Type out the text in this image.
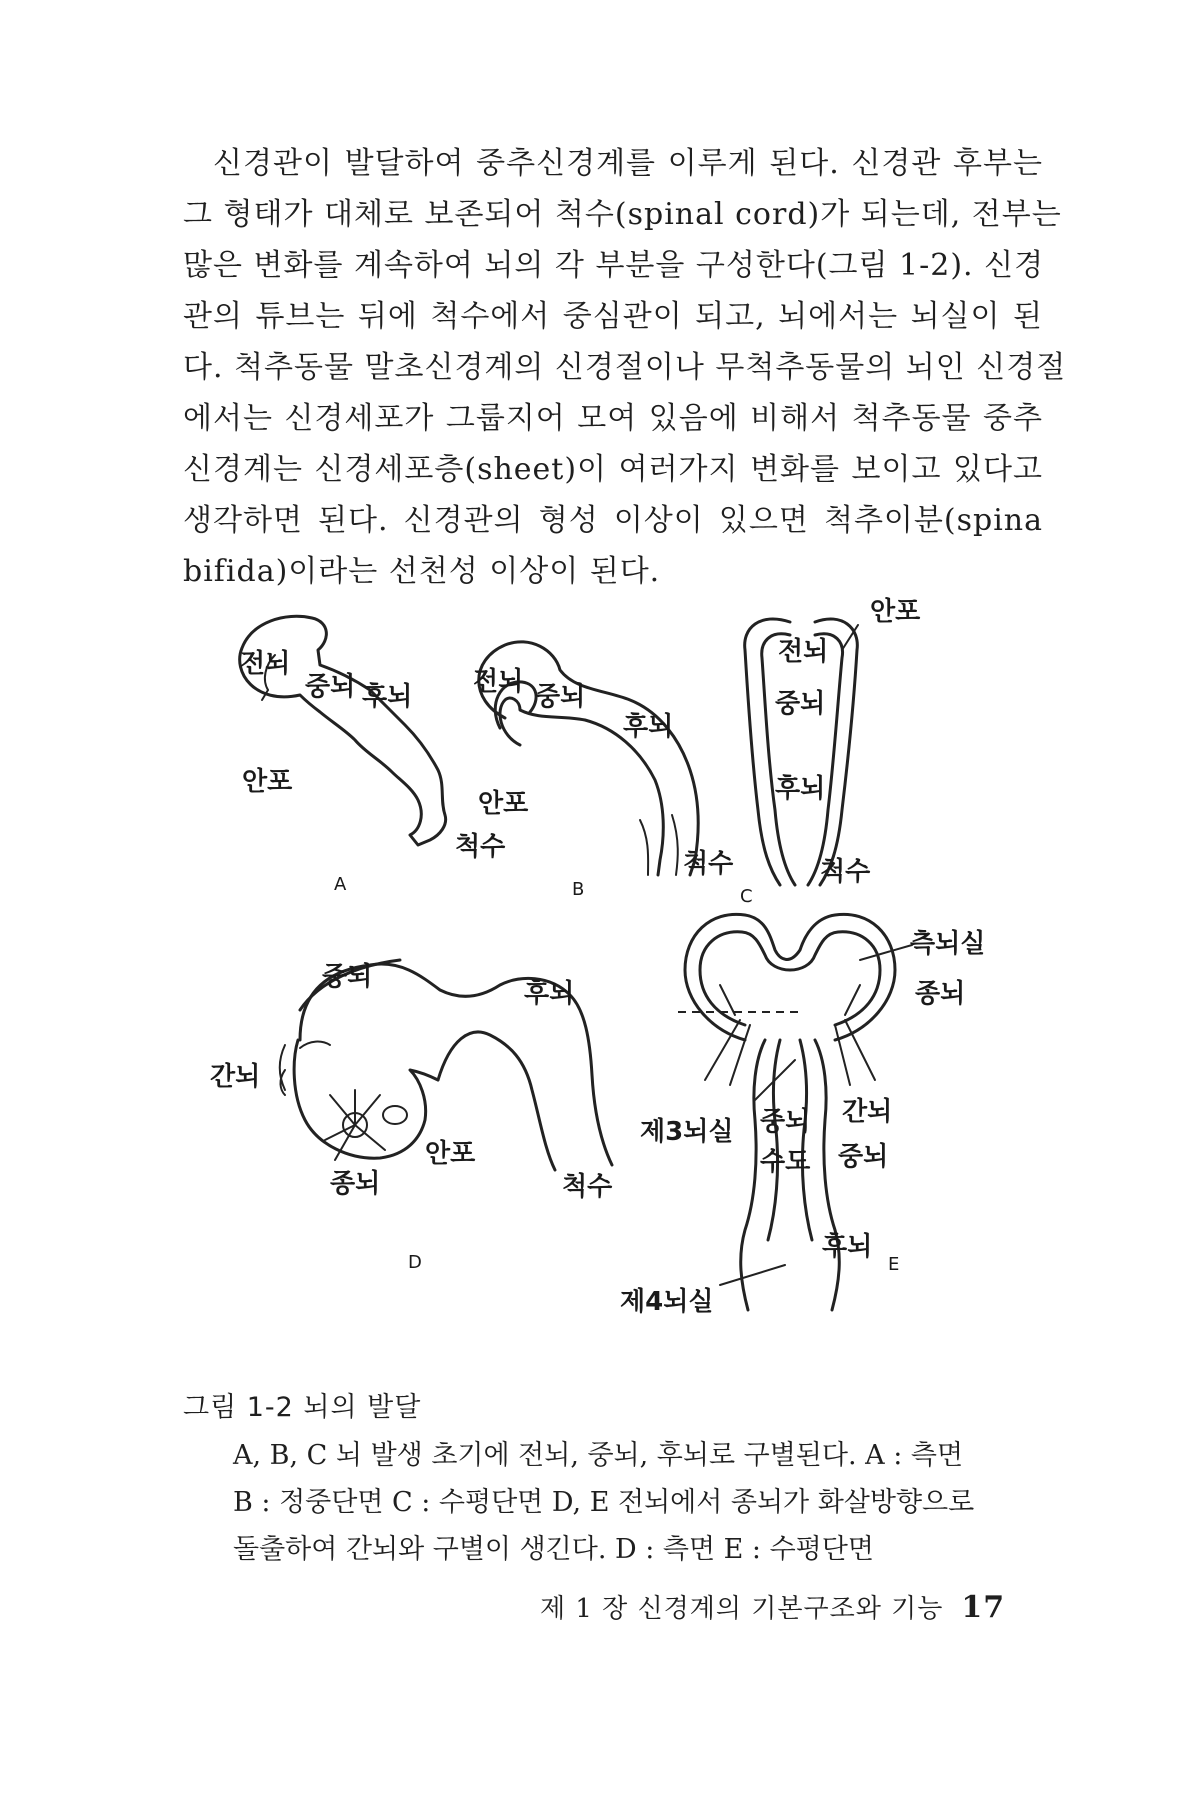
신경관이 발달하여 중추신경계를 이루게 된다. 신경관 후부는
그 형태가 대체로 보존되어 척수(spinal cord)가 되는데, 전부는
많은 변화를 계속하여 뇌의 각 부분을 구성한다(그림 1-2). 신경
관의 튜브는 뒤에 척수에서 중심관이 되고, 뇌에서는 뇌실이 된
다. 척추동물 말초신경계의 신경절이나 무척추동물의 뇌인 신경절
에서는 신경세포가 그룹지어 모여 있음에 비해서 척추동물 중추
신경계는 신경세포층(sheet)이 여러가지 변화를 보이고 있다고
생각하면 된다. 신경관의 형성 이상이 있으면 척추이분(spina
bifida)이라는 선천성 이상이 된다.
전뇌
중뇌 후뇌
안포
척수
A
전뇌 중뇌
후뇌
안포
척수
B
안포
전뇌
중뇌
후뇌
척수
C
중뇌
후뇌
간뇌
안포
종뇌	척수
D
측뇌실
종뇌
제3뇌실 중뇌
수도
간뇌
중뇌
후뇌
제4뇌실
E
그림 1-2 뇌의 발달
A, B, C 뇌 발생 초기에 전뇌, 중뇌, 후뇌로 구별된다. A : 측면
B : 정중단면 C : 수평단면 D, E 전뇌에서 종뇌가 화살방향으로
돌출하여 간뇌와 구별이 생긴다. D : 측면 E : 수평단면
제 1 장 신경계의 기본구조와 기능 17
